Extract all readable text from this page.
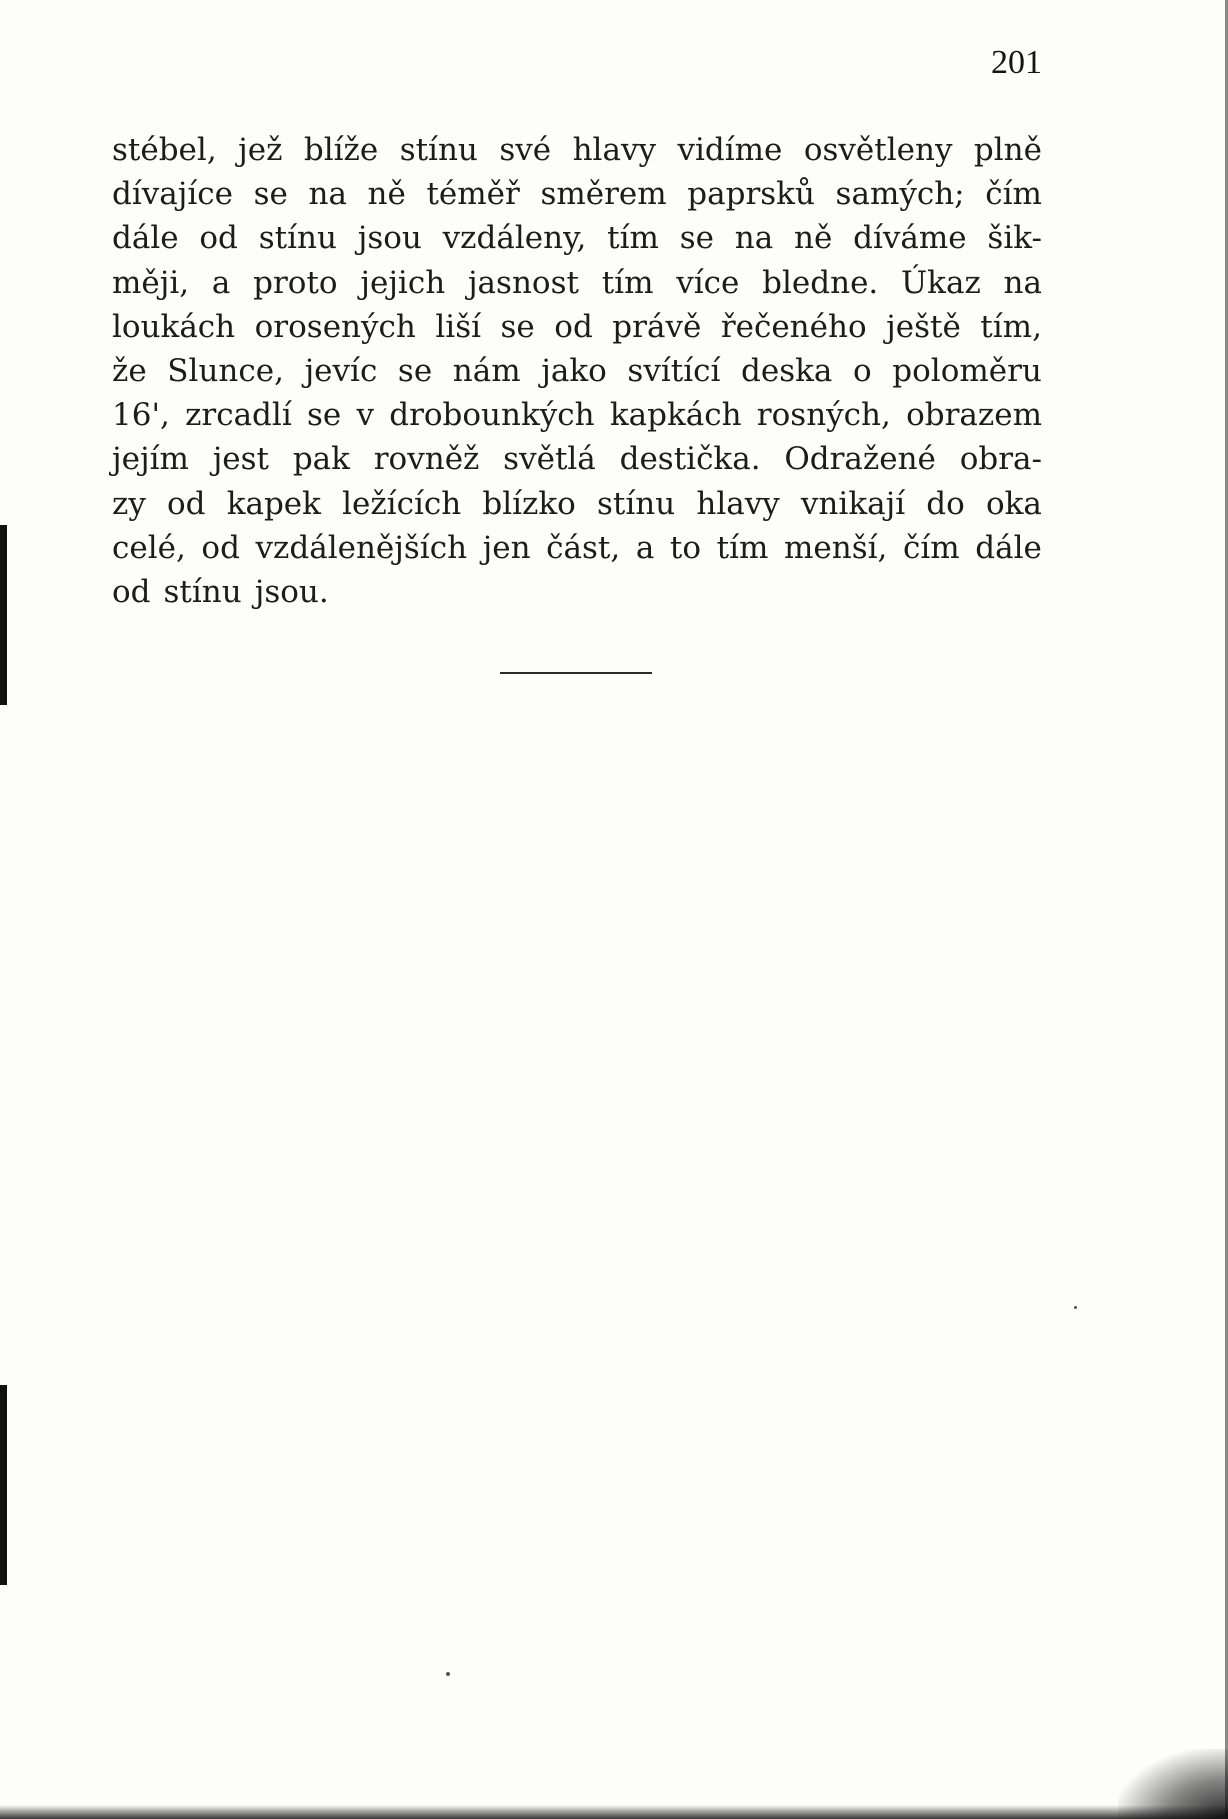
201
stébel, jež blíže stínu své hlavy vidíme osvětleny plně
dívajíce se na ně téměř směrem paprsků samých; čím
dále od stínu jsou vzdáleny, tím se na ně díváme šik-
měji, a proto jejich jasnost tím více bledne. Úkaz na
loukách orosených liší se od právě řečeného ještě tím,
že Slunce, jevíc se nám jako svítící deska o poloměru
16', zrcadlí se v drobounkých kapkách rosných, obrazem
jejím jest pak rovněž světlá destička. Odražené obra-
zy od kapek ležících blízko stínu hlavy vnikají do oka
celé, od vzdálenějších jen část, a to tím menší, čím dále
od stínu jsou.
